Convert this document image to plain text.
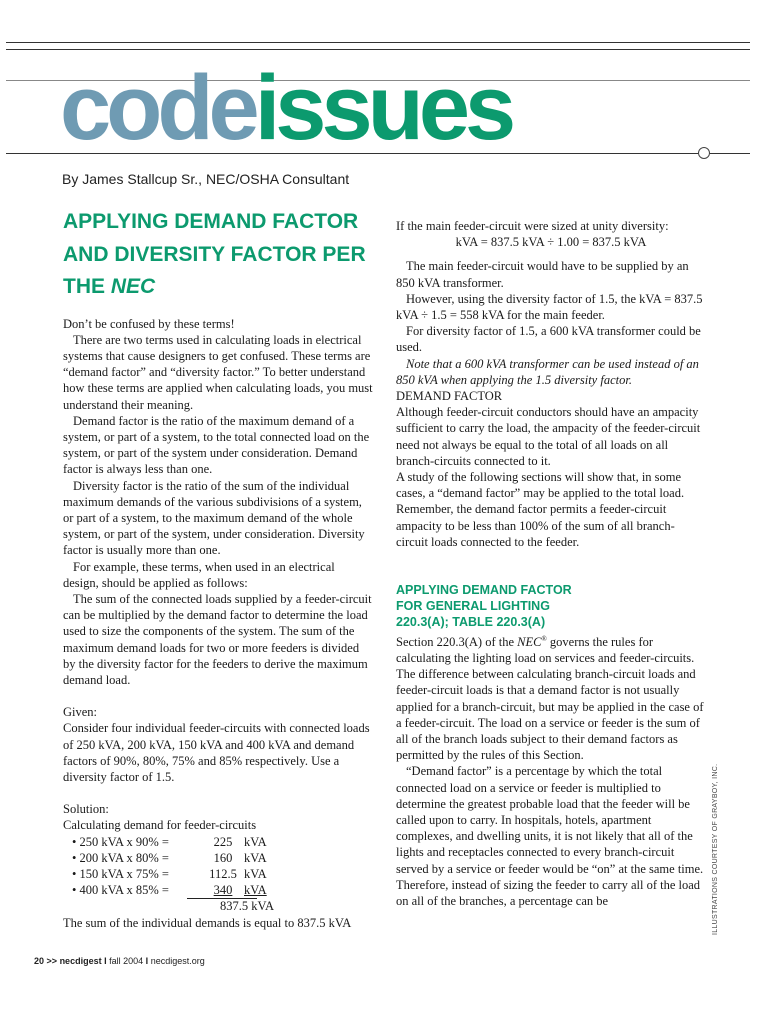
codeissues

By James Stallcup Sr., NEC/OSHA Consultant

APPLYING DEMAND FACTOR AND DIVERSITY FACTOR PER THE NEC

Don’t be confused by these terms!

There are two terms used in calculating loads in electrical systems that cause designers to get confused. These terms are “demand factor” and “diversity factor.” To better understand how these terms are applied when calculating loads, you must understand their meaning.

Demand factor is the ratio of the maximum demand of a system, or part of a system, to the total connected load on the system, or part of the system under consideration. Demand factor is always less than one.

Diversity factor is the ratio of the sum of the individual maximum demands of the various subdivisions of a system, or part of a system, to the maximum demand of the whole system, or part of the system, under consideration. Diversity factor is usually more than one.

For example, these terms, when used in an electrical design, should be applied as follows:

The sum of the connected loads supplied by a feeder-circuit can be multiplied by the demand factor to determine the load used to size the components of the system. The sum of the maximum demand loads for two or more feeders is divided by the diversity factor for the feeders to derive the maximum demand load.

Given:

Consider four individual feeder-circuits with connected loads of 250 kVA, 200 kVA, 150 kVA and 400 kVA and demand factors of 90%, 80%, 75% and 85% respectively. Use a diversity factor of 1.5.

Solution:

Calculating demand for feeder-circuits

• 250 kVA x 90% =	225 kVA
• 200 kVA x 80% =	160 kVA
• 150 kVA x 75% =	112.5 kVA
• 400 kVA x 85% =	340 kVA
837.5 kVA

The sum of the individual demands is equal to 837.5 kVA

If the main feeder-circuit were sized at unity diversity:

kVA = 837.5 kVA ÷ 1.00 = 837.5 kVA

The main feeder-circuit would have to be supplied by an 850 kVA transformer.

However, using the diversity factor of 1.5, the kVA = 837.5 kVA ÷ 1.5 = 558 kVA for the main feeder.

For diversity factor of 1.5, a 600 kVA transformer could be used.

Note that a 600 kVA transformer can be used instead of an 850 kVA when applying the 1.5 diversity factor.

DEMAND FACTOR

Although feeder-circuit conductors should have an ampacity sufficient to carry the load, the ampacity of the feeder-circuit need not always be equal to the total of all loads on all branch-circuits connected to it.

A study of the following sections will show that, in some cases, a “demand factor” may be applied to the total load. Remember, the demand factor permits a feeder-circuit ampacity to be less than 100% of the sum of all branch-circuit loads connected to the feeder.

APPLYING DEMAND FACTOR
FOR GENERAL LIGHTING
220.3(A); TABLE 220.3(A)

Section 220.3(A) of the NEC® governs the rules for calculating the lighting load on services and feeder-circuits. The difference between calculating branch-circuit loads and feeder-circuit loads is that a demand factor is not usually applied for a branch-circuit, but may be applied in the case of a feeder-circuit. The load on a service or feeder is the sum of all of the branch loads subject to their demand factors as permitted by the rules of this Section.

“Demand factor” is a percentage by which the total connected load on a service or feeder is multiplied to determine the greatest probable load that the feeder will be called upon to carry. In hospitals, hotels, apartment complexes, and dwelling units, it is not likely that all of the lights and receptacles connected to every branch-circuit served by a service or feeder would be “on” at the same time. Therefore, instead of sizing the feeder to carry all of the load on all of the branches, a percentage can be	ILLUSTRATIONS COURTESY OF GRAYBOY, INC.

20 >> necdigest I fall 2004 I necdigest.org
